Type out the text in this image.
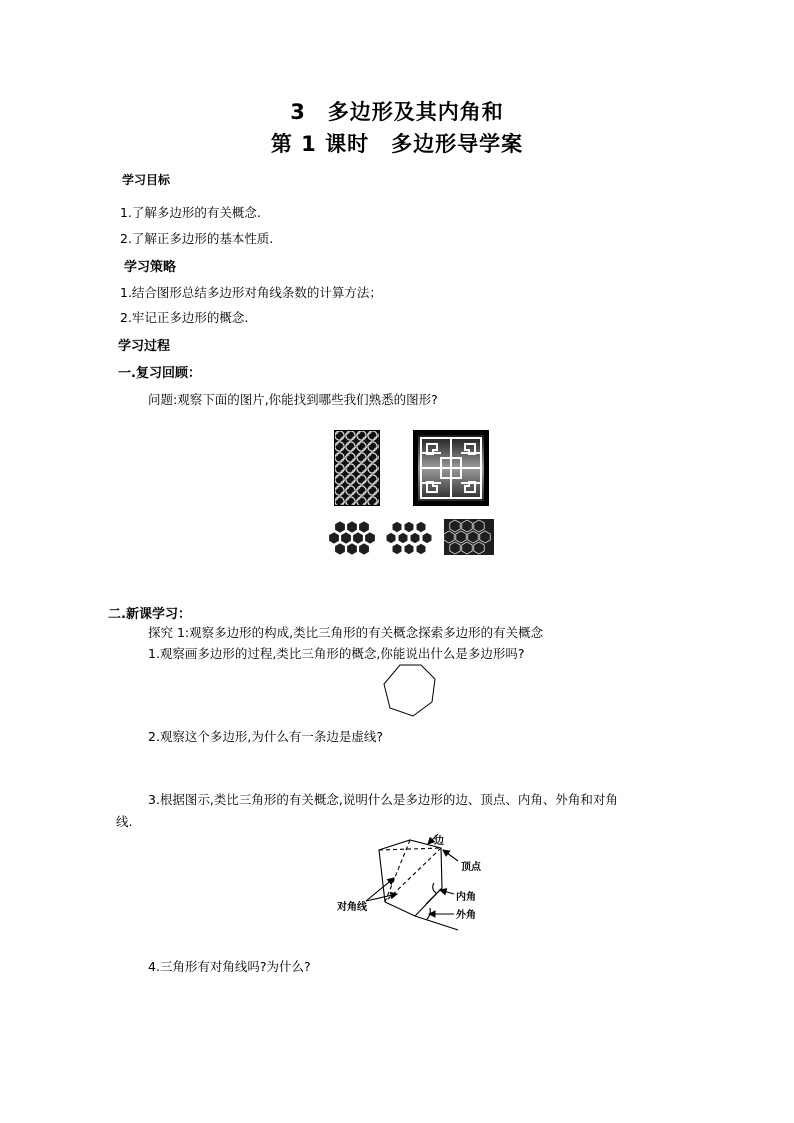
3　多边形及其内角和
第 1 课时　多边形导学案
学习目标
1.了解多边形的有关概念.
2.了解正多边形的基本性质.
学习策略
1.结合图形总结多边形对角线条数的计算方法；
2.牢记正多边形的概念.
学习过程
一.复习回顾：
问题:观察下面的图片,你能找到哪些我们熟悉的图形?
二.新课学习：
探究 1:观察多边形的构成,类比三角形的有关概念探索多边形的有关概念
1.观察画多边形的过程,类比三角形的概念,你能说出什么是多边形吗?
2.观察这个多边形,为什么有一条边是虚线?
3.根据图示,类比三角形的有关概念,说明什么是多边形的边、顶点、内角、外角和对角
线.
边
顶点
内角
外角
对角线
4.三角形有对角线吗?为什么?
